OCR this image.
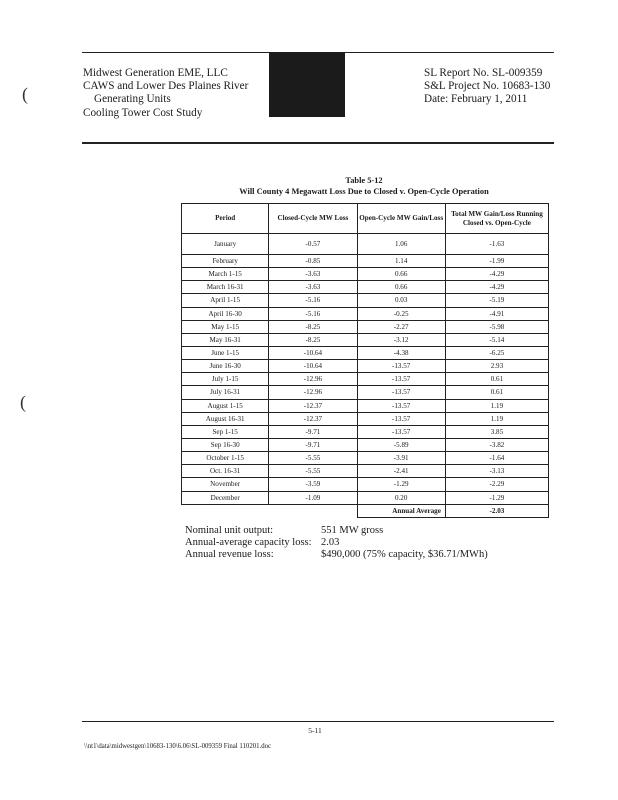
(
(
Midwest Generation EME, LLC
CAWS and Lower Des Plaines River
Generating Units
Cooling Tower Cost Study
SL Report No. SL-009359
S&L Project No. 10683-130
Date: February 1, 2011
Table 5-12
Will County 4 Megawatt Loss Due to Closed v. Open-Cycle Operation
Period	Closed-Cycle MW Loss	Open-Cycle MW Gain/Loss	Total MW Gain/Loss Running Closed vs. Open-Cycle
January	-0.57	1.06	-1.63
February	-0.85	1.14	-1.99
March 1-15	-3.63	0.66	-4.29
March 16-31	-3.63	0.66	-4.29
April 1-15	-5.16	0.03	-5.19
April 16-30	-5.16	-0.25	-4.91
May 1-15	-8.25	-2.27	-5.98
May 16-31	-8.25	-3.12	-5.14
June 1-15	-10.64	-4.38	-6.25
June 16-30	-10.64	-13.57	2.93
July 1-15	-12.96	-13.57	0.61
July 16-31	-12.96	-13.57	0.61
August 1-15	-12.37	-13.57	1.19
August 16-31	-12.37	-13.57	1.19
Sep 1-15	-9.71	-13.57	3.85
Sep 16-30	-9.71	-5.89	-3.82
October 1-15	-5.55	-3.91	-1.64
Oct. 16-31	-5.55	-2.41	-3.13
November	-3.59	-1.29	-2.29
December	-1.09	0.20	-1.29
		Annual Average	-2.03
Nominal unit output:	551 MW gross
Annual-average capacity loss: 2.03
Annual revenue loss:	$490,000 (75% capacity, $36.71/MWh)
5-11
\\nt1\data\midwestgen\10683-130\6.06\SL-009359 Final 110201.doc
